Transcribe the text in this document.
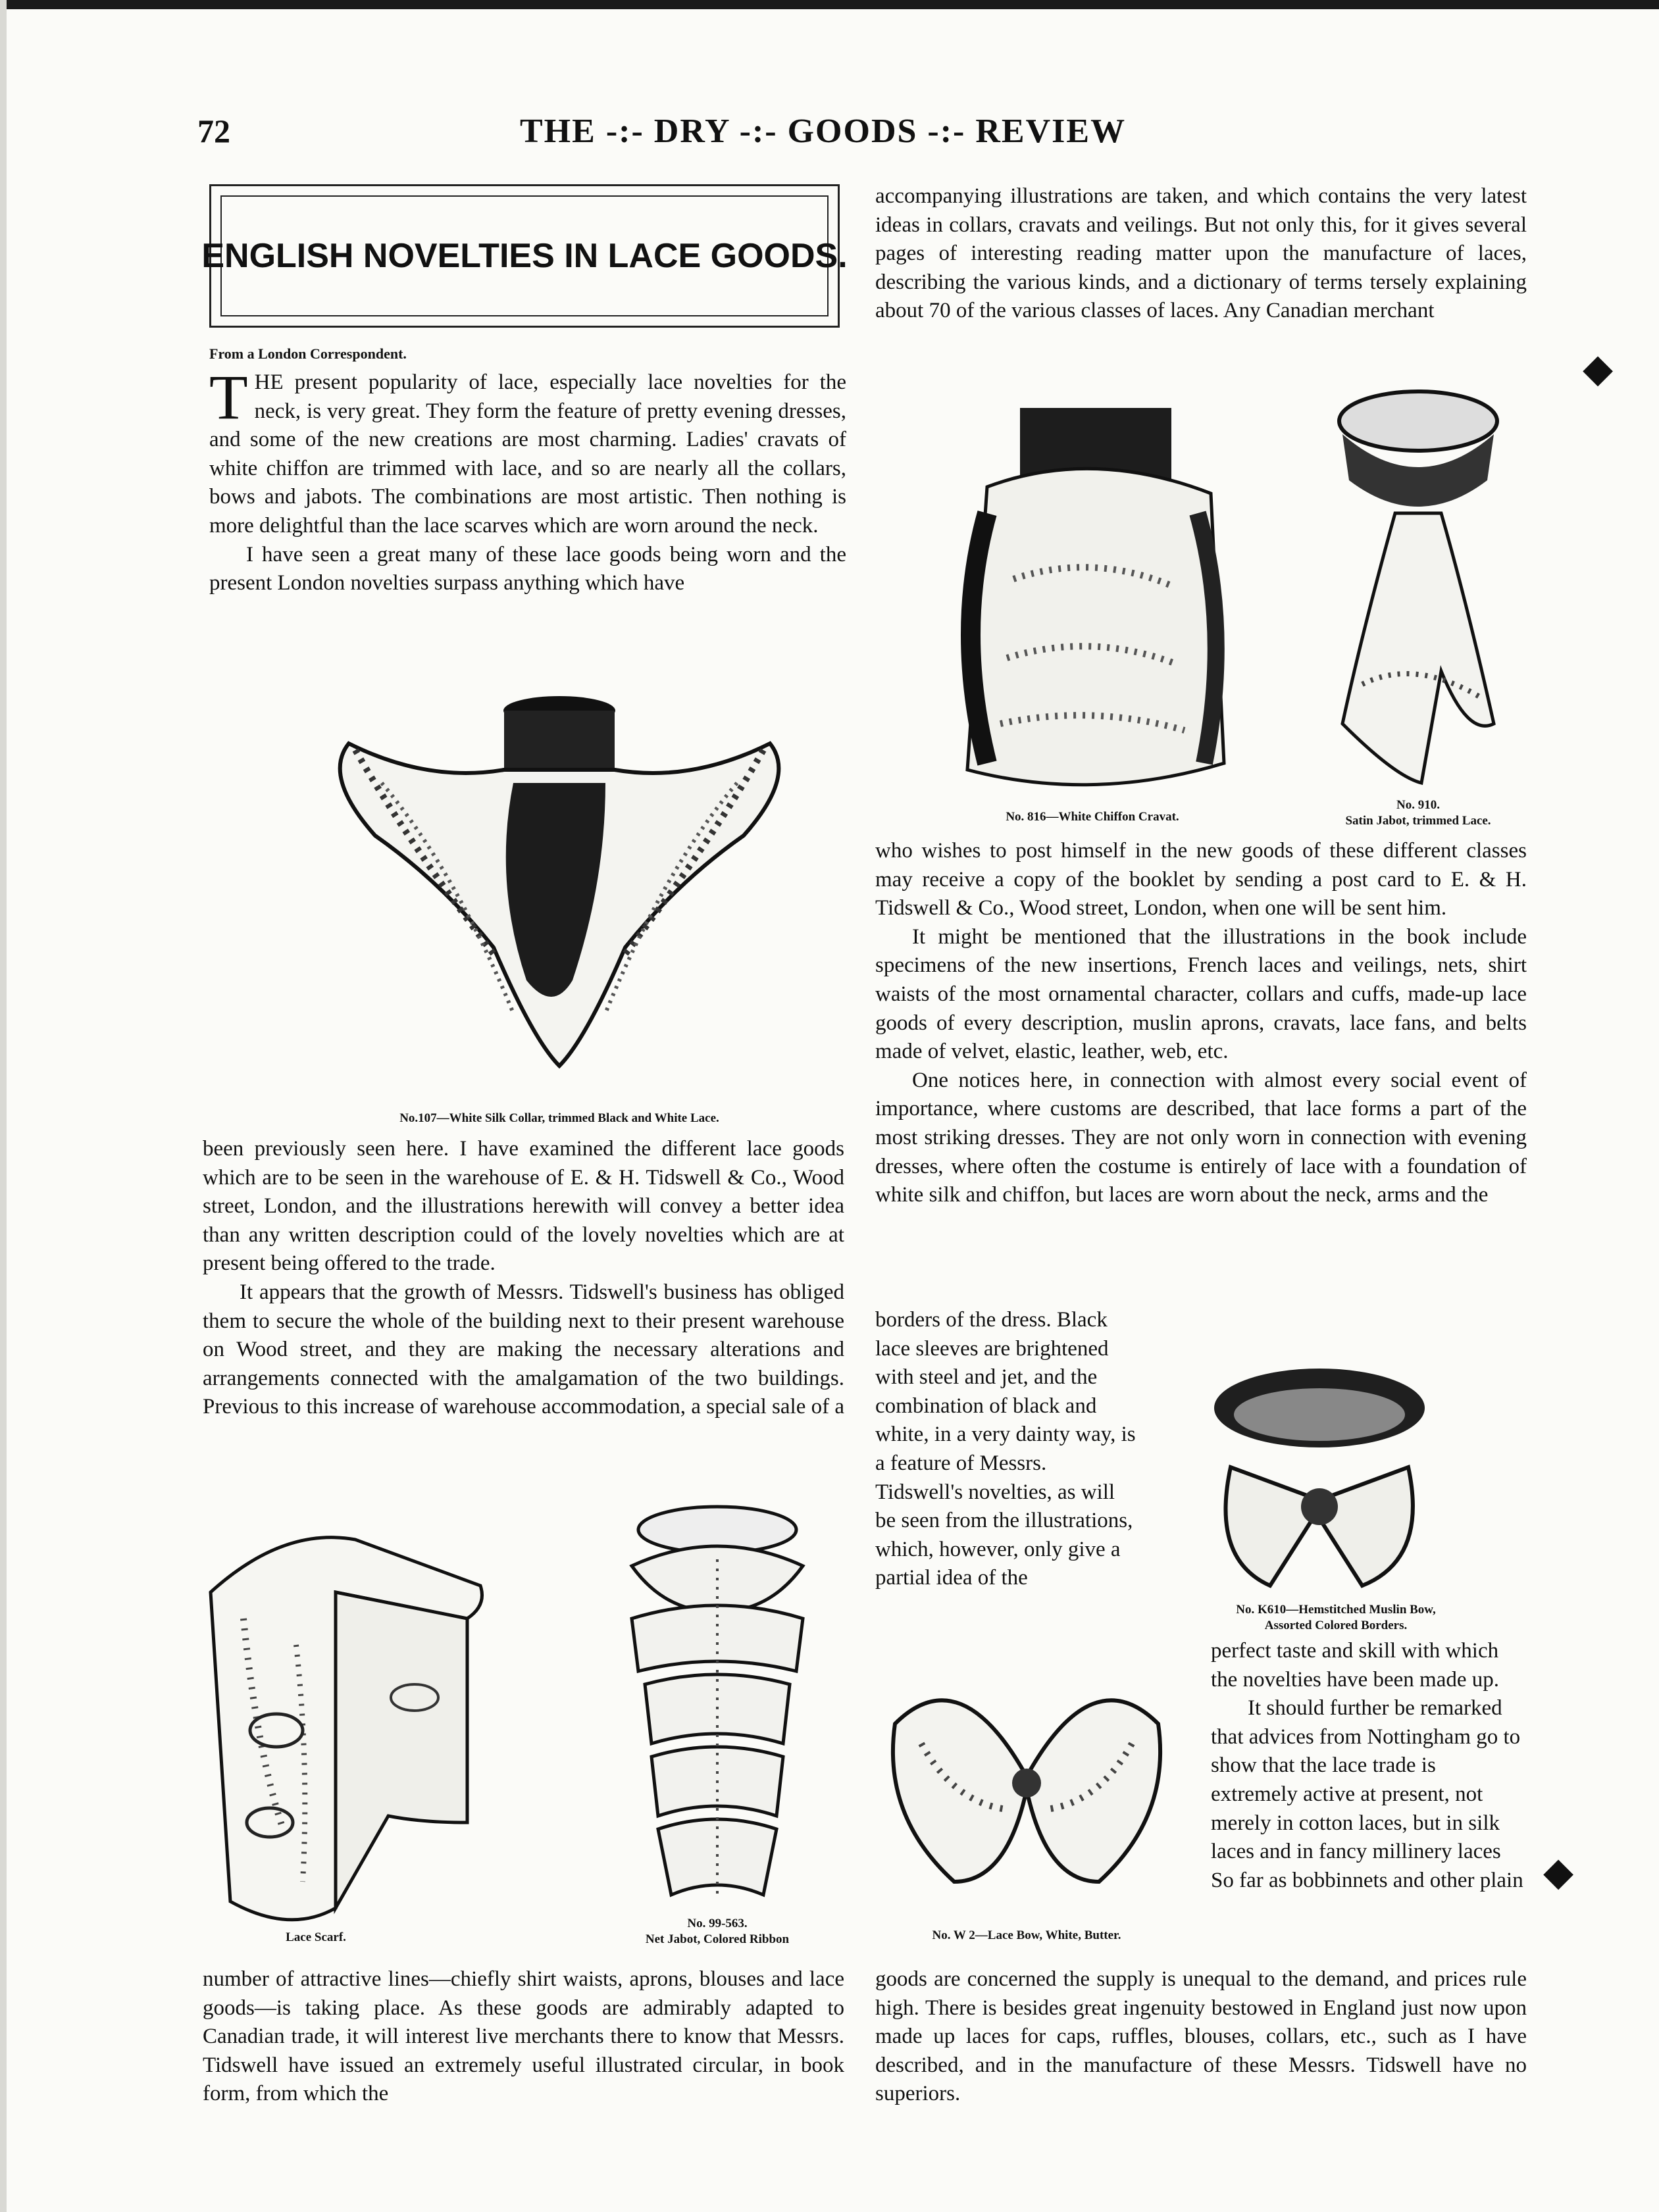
72	THE -:- DRY -:- GOODS -:- REVIEW
ENGLISH NOVELTIES IN LACE GOODS.
From a London Correspondent.

THE present popularity of lace, especially lace novelties for the neck, is very great. They form the feature of pretty evening dresses, and some of the new creations are most charming. Ladies' cravats of white chiffon are trimmed with lace, and so are nearly all the collars, bows and jabots. The combinations are most artistic. Then nothing is more delightful than the lace scarves which are worn around the neck.

I have seen a great many of these lace goods being worn and the present London novelties surpass anything which have

No.107—White Silk Collar, trimmed Black and White Lace.

been previously seen here. I have examined the different lace goods which are to be seen in the warehouse of E. & H. Tidswell & Co., Wood street, London, and the illustrations herewith will convey a better idea than any written description could of the lovely novelties which are at present being offered to the trade.

It appears that the growth of Messrs. Tidswell's business has obliged them to secure the whole of the building next to their present warehouse on Wood street, and they are making the necessary alterations and arrangements connected with the amalgamation of the two buildings. Previous to this increase of warehouse accommodation, a special sale of a

Lace Scarf.
No. 99-563.
Net Jabot, Colored Ribbon

number of attractive lines—chiefly shirt waists, aprons, blouses and lace goods—is taking place. As these goods are admirably adapted to Canadian trade, it will interest live merchants there to know that Messrs. Tidswell have issued an extremely useful illustrated circular, in book form, from which the

accompanying illustrations are taken, and which contains the very latest ideas in collars, cravats and veilings. But not only this, for it gives several pages of interesting reading matter upon the manufacture of laces, describing the various kinds, and a dictionary of terms tersely explaining about 70 of the various classes of laces. Any Canadian merchant

No. 816—White Chiffon Cravat.
No. 910.
Satin Jabot, trimmed Lace.

who wishes to post himself in the new goods of these different classes may receive a copy of the booklet by sending a post card to E. & H. Tidswell & Co., Wood street, London, when one will be sent him.

It might be mentioned that the illustrations in the book include specimens of the new insertions, French laces and veilings, nets, shirt waists of the most ornamental character, collars and cuffs, made-up lace goods of every description, muslin aprons, cravats, lace fans, and belts made of velvet, elastic, leather, web, etc.

One notices here, in connection with almost every social event of importance, where customs are described, that lace forms a part of the most striking dresses. They are not only worn in connection with evening dresses, where often the costume is entirely of lace with a foundation of white silk and chiffon, but laces are worn about the neck, arms and the

borders of the dress. Black lace sleeves are brightened with steel and jet, and the combination of black and white, in a very dainty way, is a feature of Messrs. Tidswell's novelties, as will be seen from the illustrations, which, however, only give a partial idea of the

No. K610—Hemstitched Muslin Bow,
Assorted Colored Borders.
No. W 2—Lace Bow, White, Butter.

perfect taste and skill with which the novelties have been made up.

It should further be remarked that advices from Nottingham go to show that the lace trade is extremely active at present, not merely in cotton laces, but in silk laces and in fancy millinery laces So far as bobbinnets and other plain

goods are concerned the supply is unequal to the demand, and prices rule high. There is besides great ingenuity bestowed in England just now upon made up laces for caps, ruffles, blouses, collars, etc., such as I have described, and in the manufacture of these Messrs. Tidswell have no superiors.

◆
◆
